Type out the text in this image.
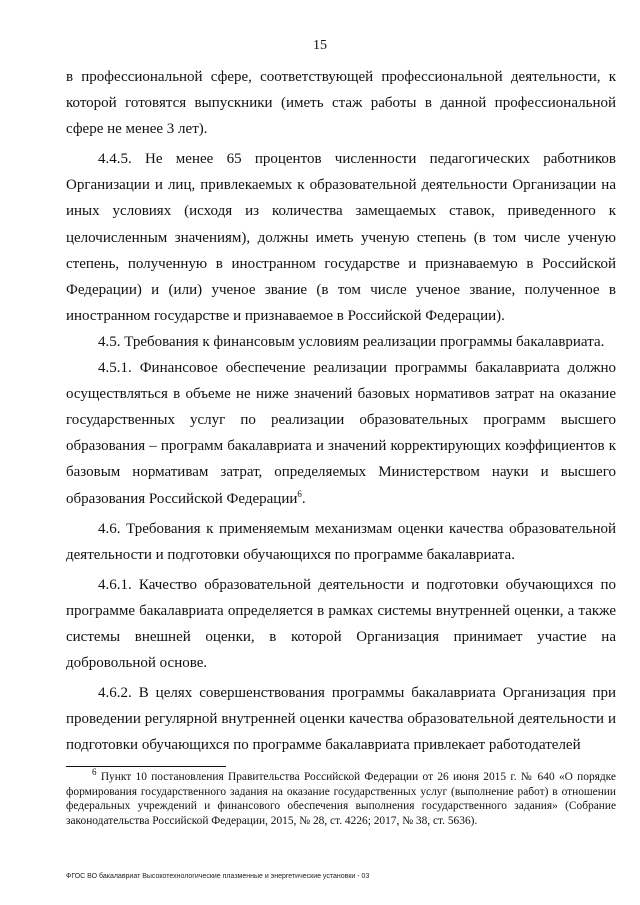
15

в профессиональной сфере, соответствующей профессиональной деятельности, к которой готовятся выпускники (иметь стаж работы в данной профессиональной сфере не менее 3 лет).

4.4.5. Не менее 65 процентов численности педагогических работников Организации и лиц, привлекаемых к образовательной деятельности Организации на иных условиях (исходя из количества замещаемых ставок, приведенного к целочисленным значениям), должны иметь ученую степень (в том числе ученую степень, полученную в иностранном государстве и признаваемую в Российской Федерации) и (или) ученое звание (в том числе ученое звание, полученное в иностранном государстве и признаваемое в Российской Федерации).

4.5. Требования к финансовым условиям реализации программы бакалавриата.

4.5.1. Финансовое обеспечение реализации программы бакалавриата должно осуществляться в объеме не ниже значений базовых нормативов затрат на оказание государственных услуг по реализации образовательных программ высшего образования – программ бакалавриата и значений корректирующих коэффициентов к базовым нормативам затрат, определяемых Министерством науки и высшего образования Российской Федерации$^6$.

4.6. Требования к применяемым механизмам оценки качества образовательной деятельности и подготовки обучающихся по программе бакалавриата.

4.6.1. Качество образовательной деятельности и подготовки обучающихся по программе бакалавриата определяется в рамках системы внутренней оценки, а также системы внешней оценки, в которой Организация принимает участие на добровольной основе.

4.6.2. В целях совершенствования программы бакалавриата Организация при проведении регулярной внутренней оценки качества образовательной деятельности и подготовки обучающихся по программе бакалавриата привлекает работодателей

$^6$ Пункт 10 постановления Правительства Российской Федерации от 26 июня 2015 г. № 640 «О порядке формирования государственного задания на оказание государственных услуг (выполнение работ) в отношении федеральных учреждений и финансового обеспечения выполнения государственного задания» (Собрание законодательства Российской Федерации, 2015, № 28, ст. 4226; 2017, № 38, ст. 5636).

ФГОС ВО бакалавриат Высокотехнологические плазменные и энергетические установки - 03
